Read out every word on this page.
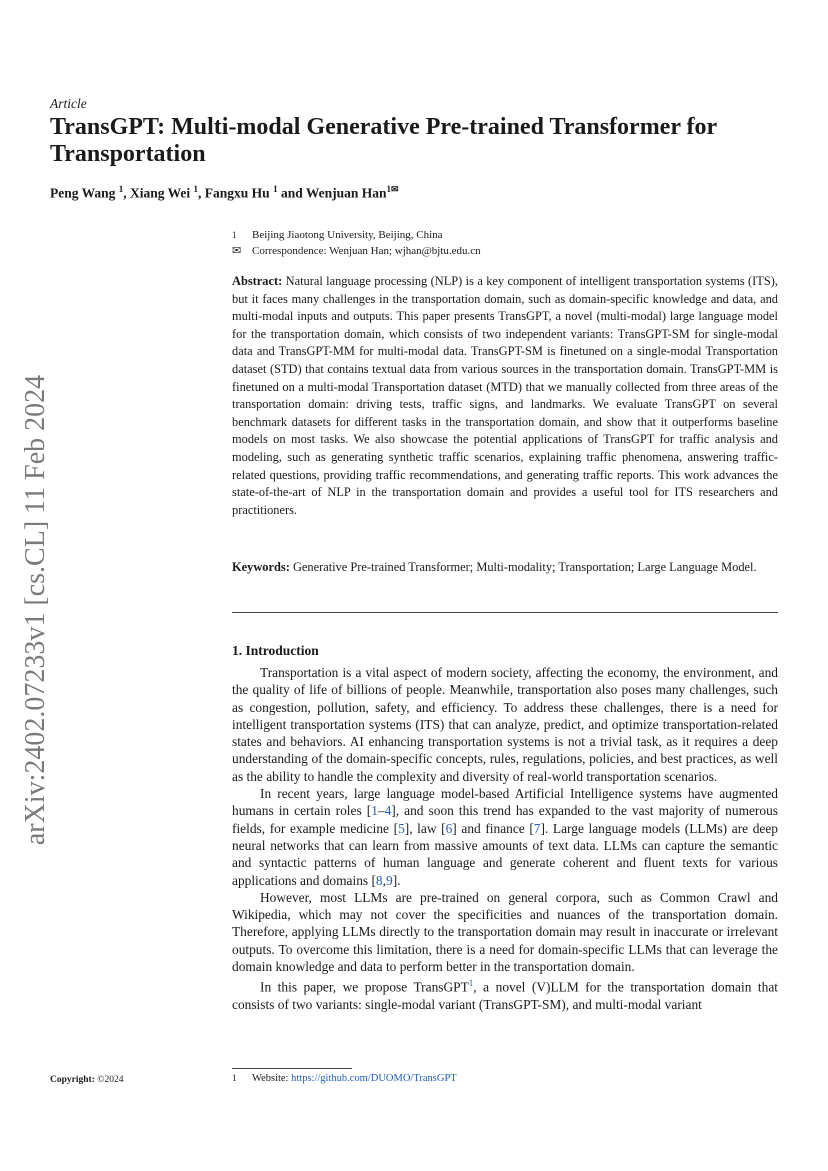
Article
TransGPT: Multi-modal Generative Pre-trained Transformer for Transportation
Peng Wang $^1$, Xiang Wei $^1$, Fangxu Hu $^1$ and Wenjuan Han$^{1✉}$
1 Beijing Jiaotong University, Beijing, China
✉ Correspondence: Wenjuan Han; wjhan@bjtu.edu.cn
Abstract: Natural language processing (NLP) is a key component of intelligent transportation systems (ITS), but it faces many challenges in the transportation domain, such as domain-specific knowledge and data, and multi-modal inputs and outputs. This paper presents TransGPT, a novel (multi-modal) large language model for the transportation domain, which consists of two independent variants: TransGPT-SM for single-modal data and TransGPT-MM for multi-modal data. TransGPT-SM is finetuned on a single-modal Transportation dataset (STD) that contains textual data from various sources in the transportation domain. TransGPT-MM is finetuned on a multi-modal Transportation dataset (MTD) that we manually collected from three areas of the transportation domain: driving tests, traffic signs, and landmarks. We evaluate TransGPT on several benchmark datasets for different tasks in the transportation domain, and show that it outperforms baseline models on most tasks. We also showcase the potential applications of TransGPT for traffic analysis and modeling, such as generating synthetic traffic scenarios, explaining traffic phenomena, answering traffic-related questions, providing traffic recommendations, and generating traffic reports. This work advances the state-of-the-art of NLP in the transportation domain and provides a useful tool for ITS researchers and practitioners.
Keywords: Generative Pre-trained Transformer; Multi-modality; Transportation; Large Language Model.
1. Introduction

Transportation is a vital aspect of modern society, affecting the economy, the environment, and the quality of life of billions of people. Meanwhile, transportation also poses many challenges, such as congestion, pollution, safety, and efficiency. To address these challenges, there is a need for intelligent transportation systems (ITS) that can analyze, predict, and optimize transportation-related states and behaviors. AI enhancing transportation systems is not a trivial task, as it requires a deep understanding of the domain-specific concepts, rules, regulations, policies, and best practices, as well as the ability to handle the complexity and diversity of real-world transportation scenarios.

In recent years, large language model-based Artificial Intelligence systems have augmented humans in certain roles [1–4], and soon this trend has expanded to the vast majority of numerous fields, for example medicine [5], law [6] and finance [7]. Large language models (LLMs) are deep neural networks that can learn from massive amounts of text data. LLMs can capture the semantic and syntactic patterns of human language and generate coherent and fluent texts for various applications and domains [8,9].

However, most LLMs are pre-trained on general corpora, such as Common Crawl and Wikipedia, which may not cover the specificities and nuances of the transportation domain. Therefore, applying LLMs directly to the transportation domain may result in inaccurate or irrelevant outputs. To overcome this limitation, there is a need for domain-specific LLMs that can leverage the domain knowledge and data to perform better in the transportation domain.

In this paper, we propose TransGPT$^1$, a novel (V)LLM for the transportation domain that consists of two variants: single-modal variant (TransGPT-SM), and multi-modal variant

arXiv:2402.07233v1 [cs.CL] 11 Feb 2024
Copyright: ©2024	1 Website: https://github.com/DUOMO/TransGPT
